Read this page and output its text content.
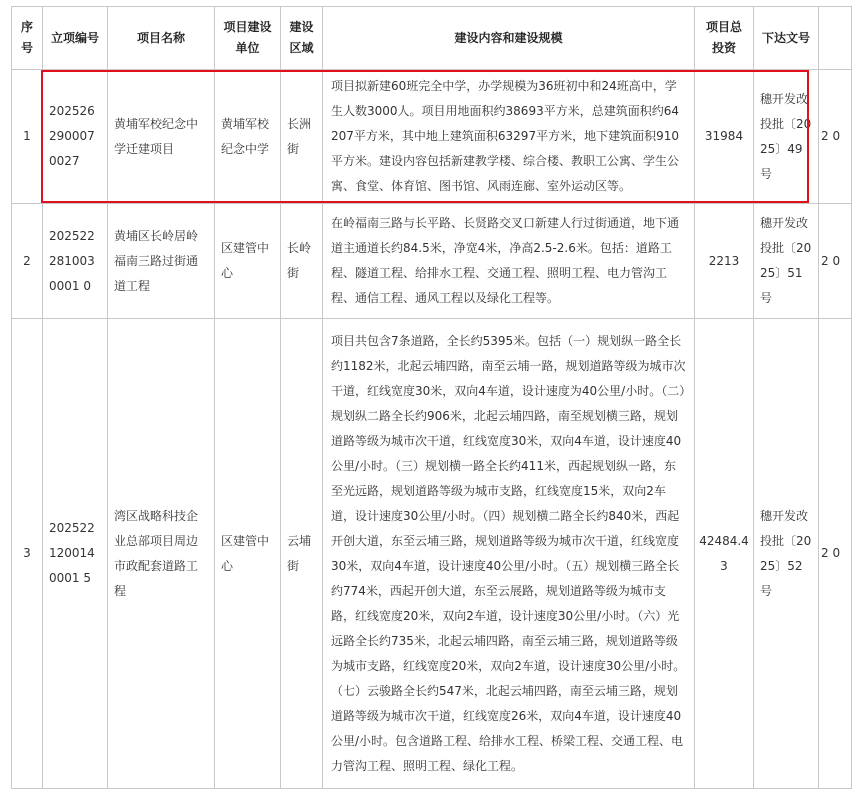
序号	立项编号	项目名称	项目建设单位	建设区域	建设内容和建设规模	项目总投资	下达文号	
1	2025262900070027	黄埔军校纪念中学迁建项目	黄埔军校纪念中学	长洲街	项目拟新建60班完全中学，办学规模为36班初中和24班高中，学生人数3000人。项目用地面积约38693平方米，总建筑面积约64207平方米，其中地上建筑面积63297平方米，地下建筑面积910平方米。建设内容包括新建教学楼、综合楼、教职工公寓、学生公寓、食堂、体育馆、图书馆、风雨连廊、室外运动区等。	31984	穗开发改投批〔2025〕49号	2 0
2	2025222810030001 0	黄埔区长岭居岭福南三路过街通道工程	区建管中心	长岭街	在岭福南三路与长平路、长贤路交叉口新建人行过街通道，地下通道主通道长约84.5米，净宽4米，净高2.5-2.6米。包括：道路工程、隧道工程、给排水工程、交通工程、照明工程、电力管沟工程、通信工程、通风工程以及绿化工程等。	2213	穗开发改投批〔2025〕51号	2 0
3	2025221200140001 5	湾区战略科技企业总部项目周边市政配套道路工程	区建管中心	云埔街	项目共包含7条道路，全长约5395米。包括（一）规划纵一路全长约1182米，北起云埔四路，南至云埔一路，规划道路等级为城市次干道，红线宽度30米，双向4车道，设计速度为40公里/小时。（二）规划纵二路全长约906米，北起云埔四路，南至规划横三路，规划道路等级为城市次干道，红线宽度30米，双向4车道，设计速度40公里/小时。（三）规划横一路全长约411米，西起规划纵一路，东至光远路，规划道路等级为城市支路，红线宽度15米，双向2车道，设计速度30公里/小时。（四）规划横二路全长约840米，西起开创大道，东至云埔三路，规划道路等级为城市次干道，红线宽度30米，双向4车道，设计速度40公里/小时。（五）规划横三路全长约774米，西起开创大道，东至云展路，规划道路等级为城市支路，红线宽度20米，双向2车道，设计速度30公里/小时。（六）光远路全长约735米，北起云埔四路，南至云埔三路，规划道路等级为城市支路，红线宽度20米，双向2车道，设计速度30公里/小时。（七）云骏路全长约547米，北起云埔四路，南至云埔三路，规划道路等级为城市次干道，红线宽度26米，双向4车道，设计速度40公里/小时。包含道路工程、给排水工程、桥梁工程、交通工程、电力管沟工程、照明工程、绿化工程。	42484.43	穗开发改投批〔2025〕52号	2 0
